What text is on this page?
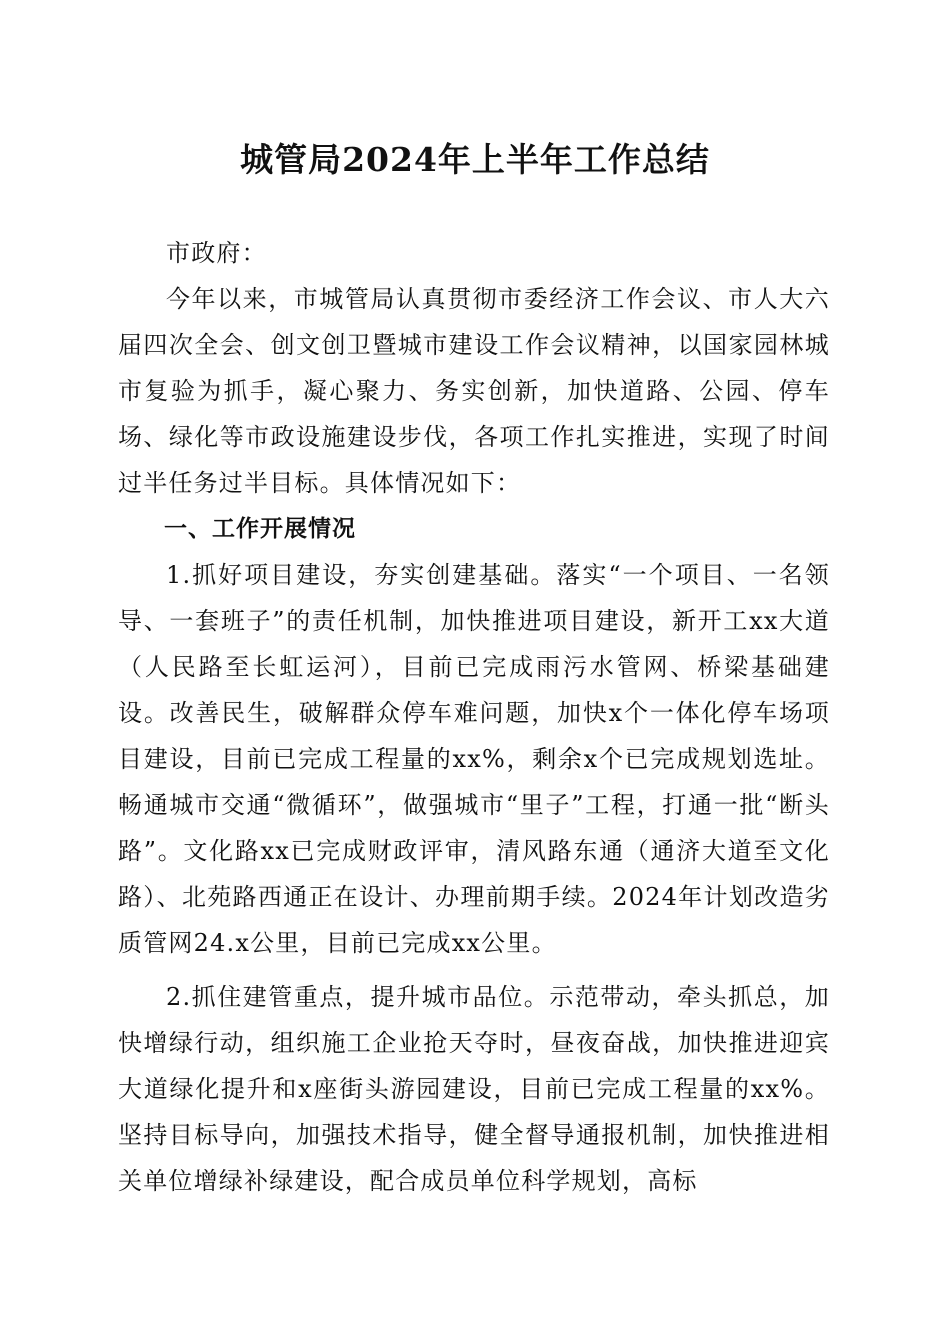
城管局2024年上半年工作总结

市政府：

今年以来，市城管局认真贯彻市委经济工作会议、市人大六届四次全会、创文创卫暨城市建设工作会议精神，以国家园林城市复验为抓手，凝心聚力、务实创新，加快道路、公园、停车场、绿化等市政设施建设步伐，各项工作扎实推进，实现了时间过半任务过半目标。具体情况如下：

一、工作开展情况

1.抓好项目建设，夯实创建基础。落实“一个项目、一名领导、一套班子”的责任机制，加快推进项目建设，新开工xx大道（人民路至长虹运河），目前已完成雨污水管网、桥梁基础建设。改善民生，破解群众停车难问题，加快x个一体化停车场项目建设，目前已完成工程量的xx%，剩余x个已完成规划选址。畅通城市交通“微循环”，做强城市“里子”工程，打通一批“断头路”。文化路xx已完成财政评审，清风路东通（通济大道至文化路）、北苑路西通正在设计、办理前期手续。2024年计划改造劣质管网24.x公里，目前已完成xx公里。

2.抓住建管重点，提升城市品位。示范带动，牵头抓总，加快增绿行动，组织施工企业抢天夺时，昼夜奋战，加快推进迎宾大道绿化提升和x座街头游园建设，目前已完成工程量的xx%。坚持目标导向，加强技术指导，健全督导通报机制，加快推进相关单位增绿补绿建设，配合成员单位科学规划，高标
